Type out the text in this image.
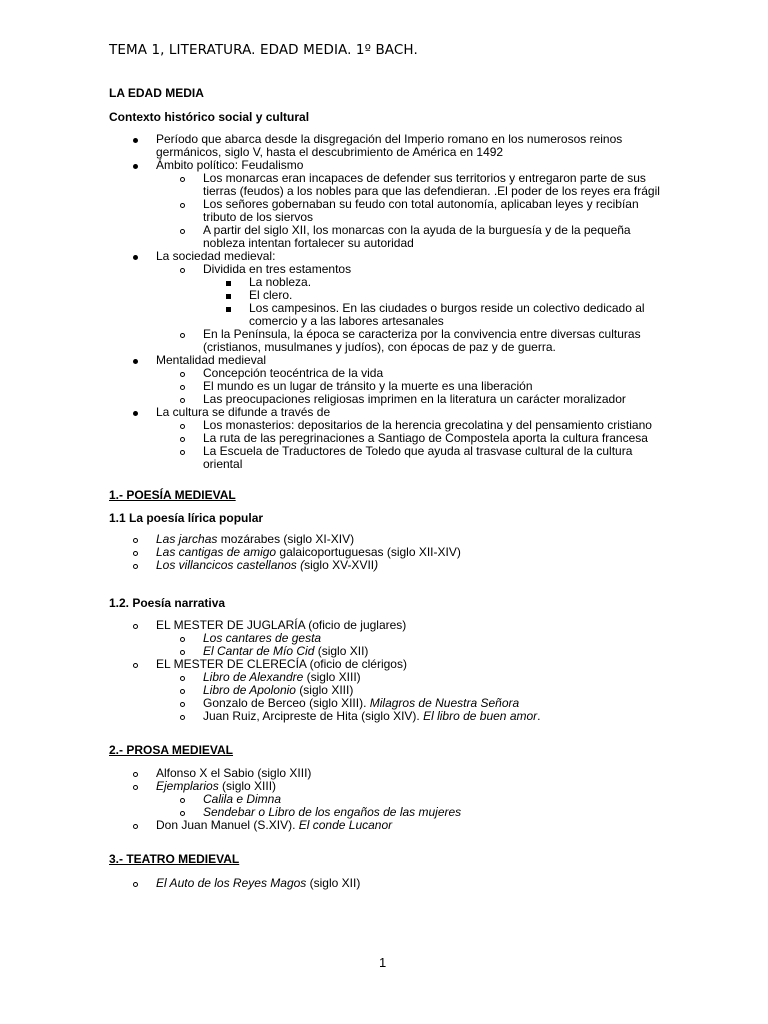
TEMA 1, LITERATURA. EDAD MEDIA. 1º BACH.
LA EDAD MEDIA
Contexto histórico social y cultural
Período que abarca desde la disgregación del Imperio romano en los numerosos reinos
germánicos, siglo V, hasta el descubrimiento de América en 1492
Ámbito político: Feudalismo
Los monarcas eran incapaces de defender sus territorios y entregaron parte de sus
tierras (feudos) a los nobles para que las defendieran. .El poder de los reyes era frágil
Los señores gobernaban su feudo con total autonomía, aplicaban leyes y recibían
tributo de los siervos
A partir del siglo XII, los monarcas con la ayuda de la burguesía y de la pequeña
nobleza intentan fortalecer su autoridad
La sociedad medieval:
Dividida en tres estamentos
La nobleza.
El clero.
Los campesinos. En las ciudades o burgos reside un colectivo dedicado al
comercio y a las labores artesanales
En la Península, la época se caracteriza por la convivencia entre diversas culturas
(cristianos, musulmanes y judíos), con épocas de paz y de guerra.
Mentalidad medieval
Concepción teocéntrica de la vida
El mundo es un lugar de tránsito y la muerte es una liberación
Las preocupaciones religiosas imprimen en la literatura un carácter moralizador
La cultura se difunde a través de
Los monasterios: depositarios de la herencia grecolatina y del pensamiento cristiano
La ruta de las peregrinaciones a Santiago de Compostela aporta la cultura francesa
La Escuela de Traductores de Toledo que ayuda al trasvase cultural de la cultura
oriental
1.- POESÍA MEDIEVAL
1.1 La poesía lírica popular
Las jarchas mozárabes (siglo XI-XIV)
Las cantigas de amigo galaicoportuguesas (siglo XII-XIV)
Los villancicos castellanos (siglo XV-XVII)
1.2. Poesía narrativa
EL MESTER DE JUGLARÍA (oficio de juglares)
Los cantares de gesta
El Cantar de Mío Cid (siglo XII)
EL MESTER DE CLERECÍA (oficio de clérigos)
Libro de Alexandre (siglo XIII)
Libro de Apolonio (siglo XIII)
Gonzalo de Berceo (siglo XIII). Milagros de Nuestra Señora
Juan Ruiz, Arcipreste de Hita (siglo XIV). El libro de buen amor.
2.- PROSA MEDIEVAL
Alfonso X el Sabio (siglo XIII)
Ejemplarios (siglo XIII)
Calila e Dimna
Sendebar o Libro de los engaños de las mujeres
Don Juan Manuel (S.XIV). El conde Lucanor
3.- TEATRO MEDIEVAL
El Auto de los Reyes Magos (siglo XII)
1
